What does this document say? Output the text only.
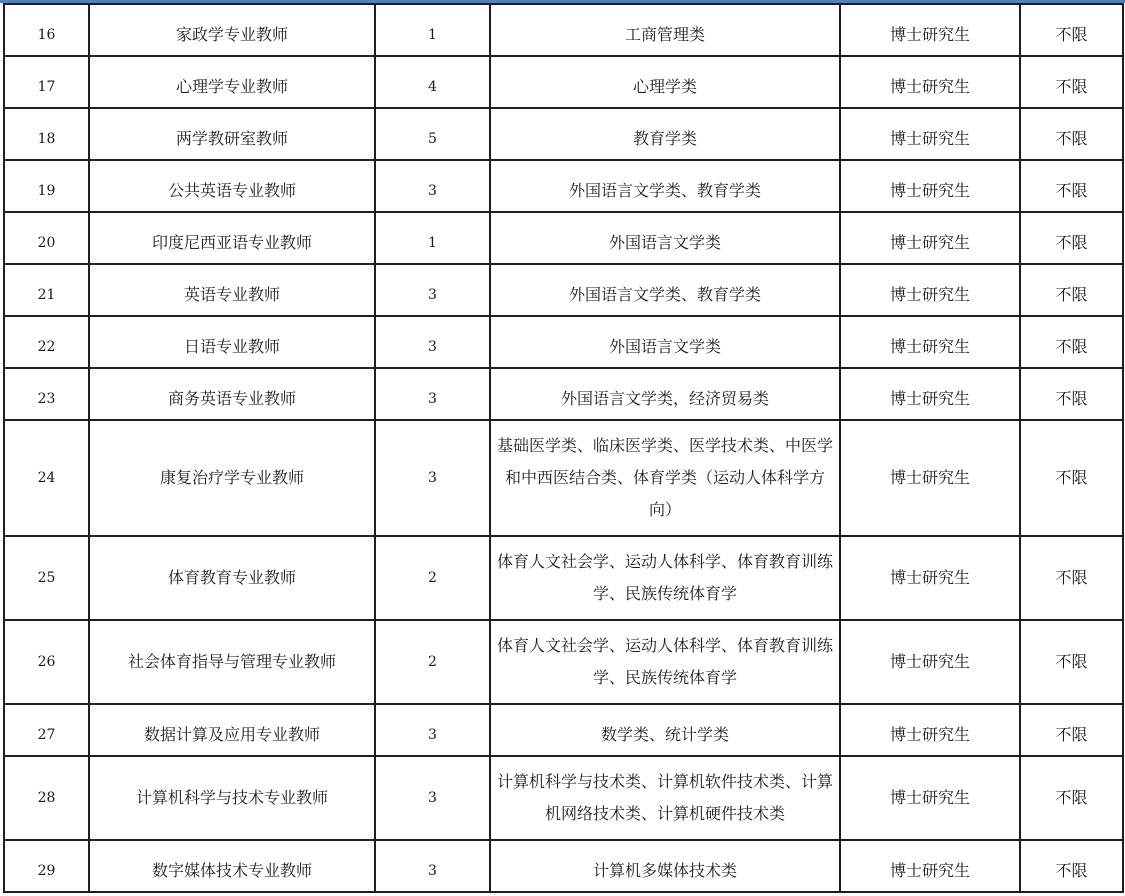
16	家政学专业教师	1	工商管理类	博士研究生	不限
17	心理学专业教师	4	心理学类	博士研究生	不限
18	两学教研室教师	5	教育学类	博士研究生	不限
19	公共英语专业教师	3	外国语言文学类、教育学类	博士研究生	不限
20	印度尼西亚语专业教师	1	外国语言文学类	博士研究生	不限
21	英语专业教师	3	外国语言文学类、教育学类	博士研究生	不限
22	日语专业教师	3	外国语言文学类	博士研究生	不限
23	商务英语专业教师	3	外国语言文学类，经济贸易类	博士研究生	不限
24	康复治疗学专业教师	3	基础医学类、临床医学类、医学技术类、中医学和中西医结合类、体育学类（运动人体科学方向）	博士研究生	不限
25	体育教育专业教师	2	体育人文社会学、运动人体科学、体育教育训练学、民族传统体育学	博士研究生	不限
26	社会体育指导与管理专业教师	2	体育人文社会学、运动人体科学、体育教育训练学、民族传统体育学	博士研究生	不限
27	数据计算及应用专业教师	3	数学类、统计学类	博士研究生	不限
28	计算机科学与技术专业教师	3	计算机科学与技术类、计算机软件技术类、计算机网络技术类、计算机硬件技术类	博士研究生	不限
29	数字媒体技术专业教师	3	计算机多媒体技术类	博士研究生	不限
